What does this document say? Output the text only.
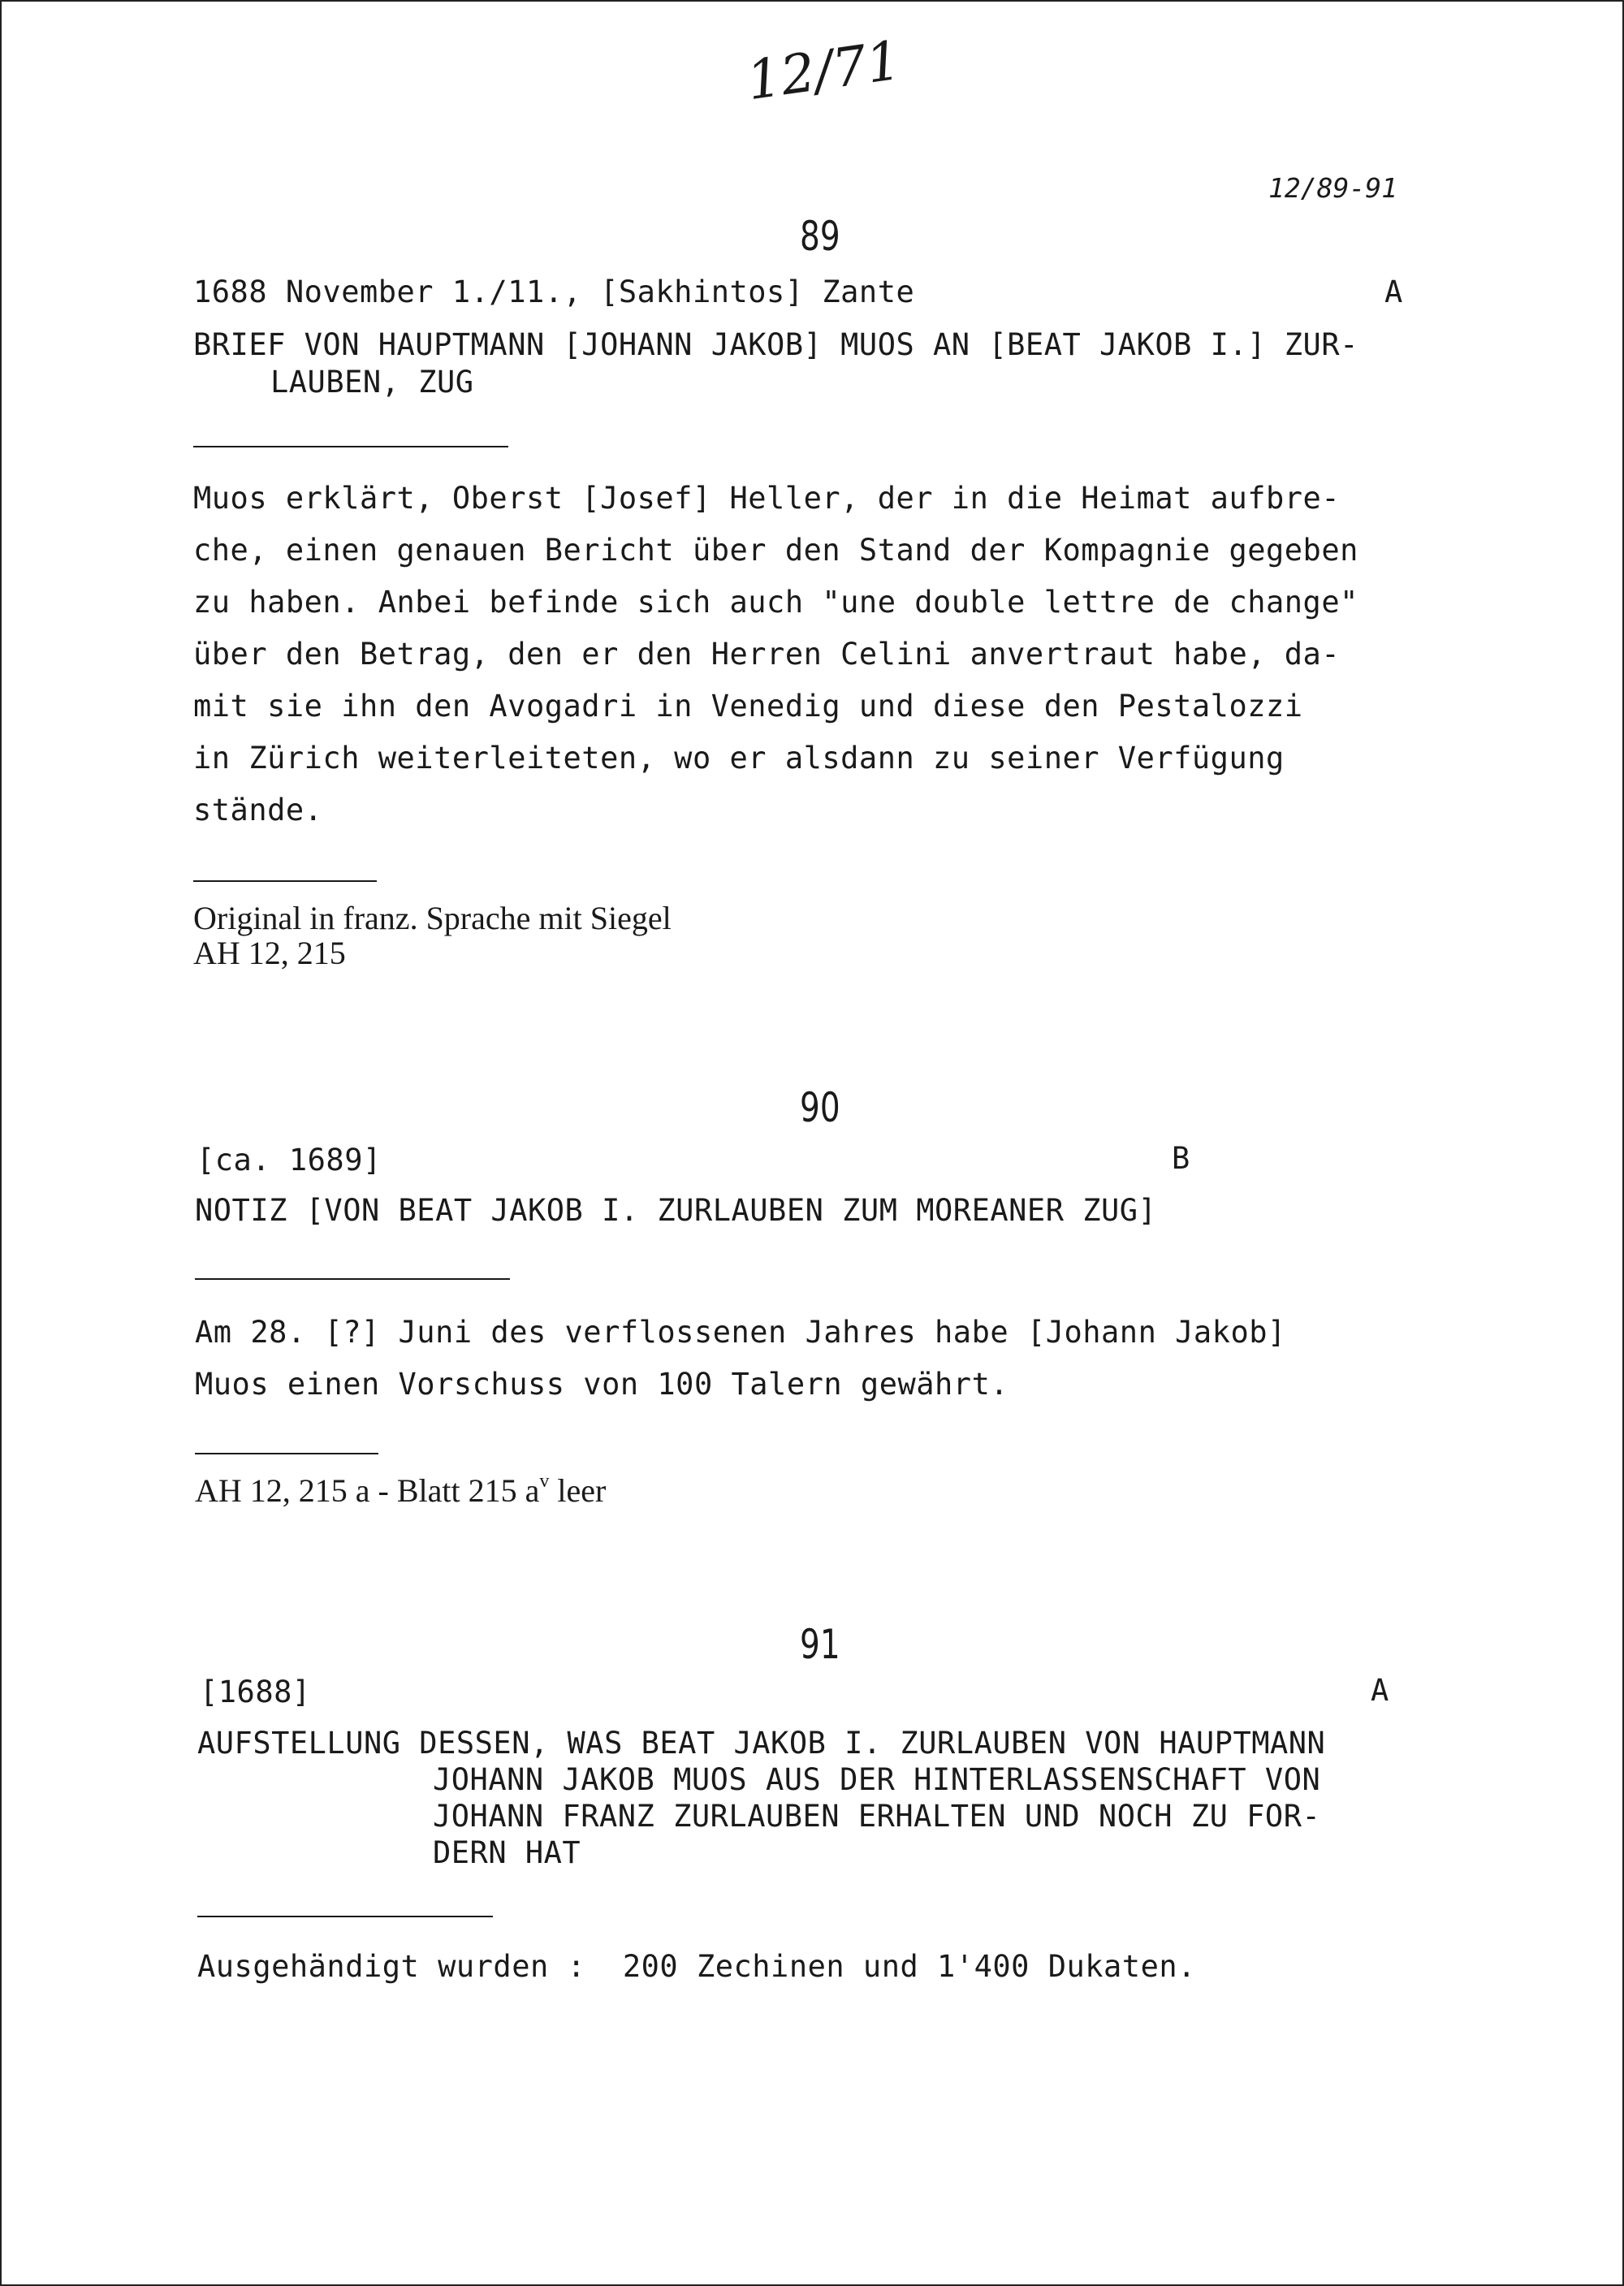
12/71
12/89-91
89
1688 November 1./11., [Sakhintos] Zante	A
BRIEF VON HAUPTMANN [JOHANN JAKOB] MUOS AN [BEAT JAKOB I.] ZUR-
LAUBEN, ZUG
Muos erklärt, Oberst [Josef] Heller, der in die Heimat aufbre-
che, einen genauen Bericht über den Stand der Kompagnie gegeben
zu haben. Anbei befinde sich auch "une double lettre de change"
über den Betrag, den er den Herren Celini anvertraut habe, da-
mit sie ihn den Avogadri in Venedig und diese den Pestalozzi
in Zürich weiterleiteten, wo er alsdann zu seiner Verfügung
stände.
Original in franz. Sprache mit Siegel
AH 12, 215
90
[ca. 1689]	B
NOTIZ [VON BEAT JAKOB I. ZURLAUBEN ZUM MOREANER ZUG]
Am 28. [?] Juni des verflossenen Jahres habe [Johann Jakob]
Muos einen Vorschuss von 100 Talern gewährt.
AH 12, 215 a - Blatt 215 $a^v$ leer
91
[1688]	A
AUFSTELLUNG DESSEN, WAS BEAT JAKOB I. ZURLAUBEN VON HAUPTMANN
JOHANN JAKOB MUOS AUS DER HINTERLASSENSCHAFT VON
JOHANN FRANZ ZURLAUBEN ERHALTEN UND NOCH ZU FOR-
DERN HAT
Ausgehändigt wurden :  200 Zechinen und 1'400 Dukaten.
